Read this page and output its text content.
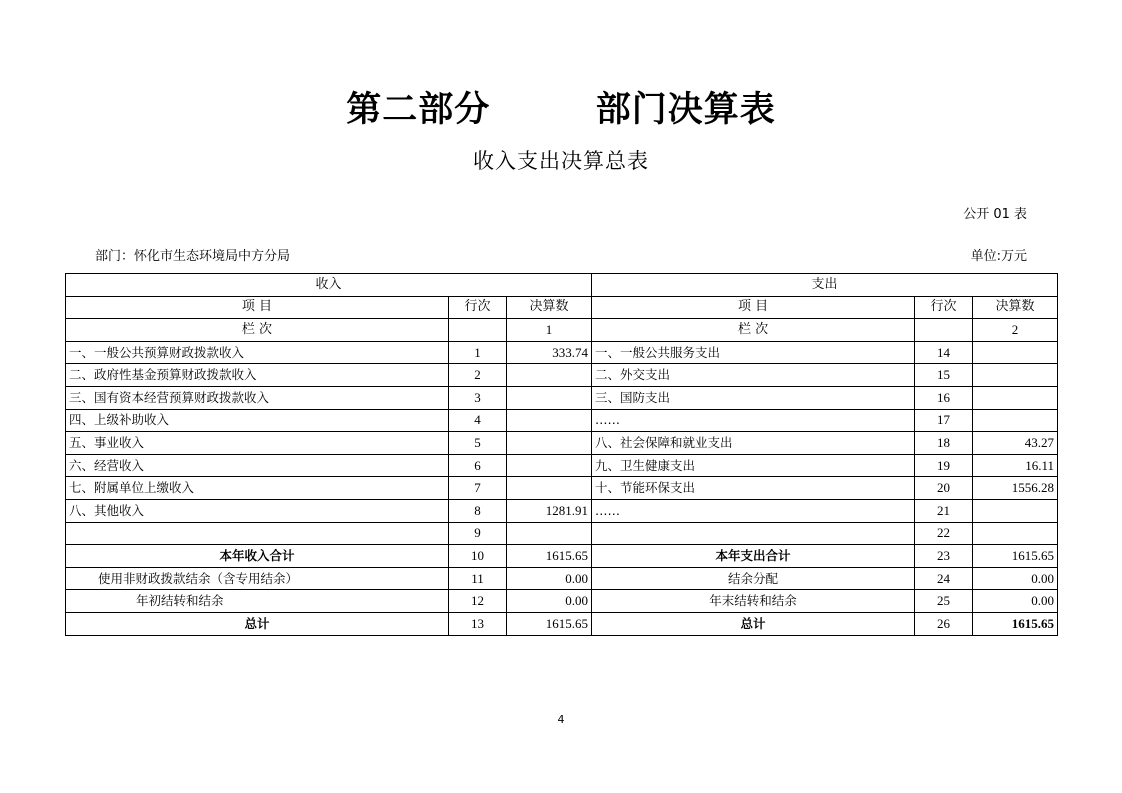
第二部分        部门决算表
收入支出决算总表
公开 01 表
部门：怀化市生态环境局中方分局	单位:万元
收入			支出		
项 目	行次	决算数	项 目	行次	决算数
栏 次		1	栏 次		2
一、一般公共预算财政拨款收入	1	333.74	一、一般公共服务支出	14	
二、政府性基金预算财政拨款收入	2		二、外交支出	15	
三、国有资本经营预算财政拨款收入	3		三、国防支出	16	
四、上级补助收入	4		……	17	
五、事业收入	5		八、社会保障和就业支出	18	43.27
六、经营收入	6		九、卫生健康支出	19	16.11
七、附属单位上缴收入	7		十、节能环保支出	20	1556.28
八、其他收入	8	1281.91	……	21	
	9			22	
本年收入合计	10	1615.65	本年支出合计	23	1615.65
使用非财政拨款结余（含专用结余）	11	0.00	结余分配	24	0.00
年初结转和结余	12	0.00	年末结转和结余	25	0.00
总计	13	1615.65	总计	26	1615.65
4
